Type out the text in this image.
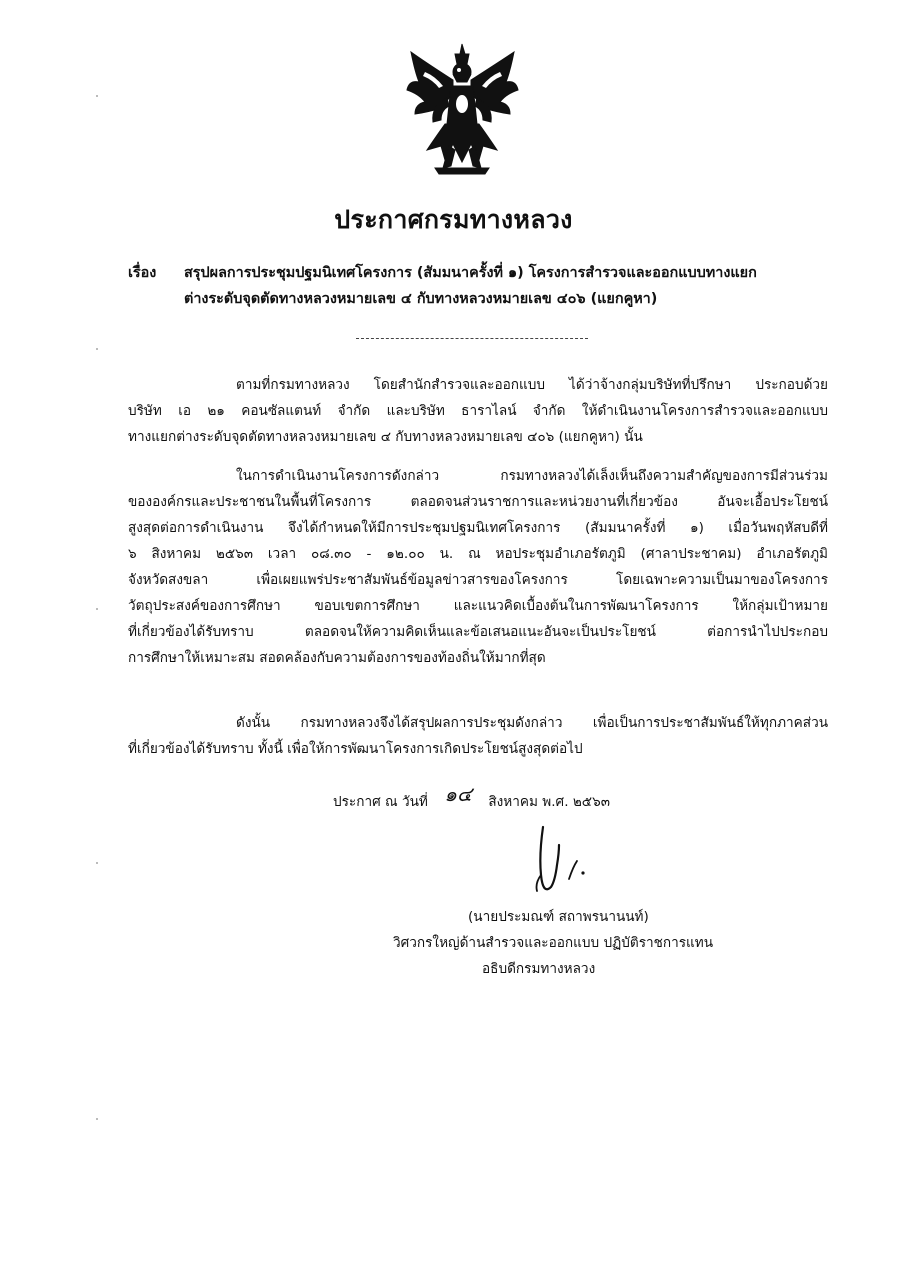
ประกาศกรมทางหลวง
เรื่อง สรุปผลการประชุมปฐมนิเทศโครงการ (สัมมนาครั้งที่ ๑) โครงการสำรวจและออกแบบทางแยก
ต่างระดับจุดตัดทางหลวงหมายเลข ๔ กับทางหลวงหมายเลข ๔๐๖ (แยกคูหา)
ตามที่กรมทางหลวง โดยสำนักสำรวจและออกแบบ ได้ว่าจ้างกลุ่มบริษัทที่ปรึกษา ประกอบด้วย
บริษัท เอ ๒๑ คอนซัลแตนท์ จำกัด และบริษัท ธาราไลน์ จำกัด ให้ดำเนินงานโครงการสำรวจและออกแบบ
ทางแยกต่างระดับจุดตัดทางหลวงหมายเลข ๔ กับทางหลวงหมายเลข ๔๐๖ (แยกคูหา) นั้น
ในการดำเนินงานโครงการดังกล่าว กรมทางหลวงได้เล็งเห็นถึงความสำคัญของการมีส่วนร่วม
ขององค์กรและประชาชนในพื้นที่โครงการ ตลอดจนส่วนราชการและหน่วยงานที่เกี่ยวข้อง อันจะเอื้อประโยชน์
สูงสุดต่อการดำเนินงาน จึงได้กำหนดให้มีการประชุมปฐมนิเทศโครงการ (สัมมนาครั้งที่ ๑) เมื่อวันพฤหัสบดีที่
๖ สิงหาคม ๒๕๖๓ เวลา ๐๘.๓๐ - ๑๒.๐๐ น. ณ หอประชุมอำเภอรัตภูมิ (ศาลาประชาคม) อำเภอรัตภูมิ
จังหวัดสงขลา เพื่อเผยแพร่ประชาสัมพันธ์ข้อมูลข่าวสารของโครงการ โดยเฉพาะความเป็นมาของโครงการ
วัตถุประสงค์ของการศึกษา ขอบเขตการศึกษา และแนวคิดเบื้องต้นในการพัฒนาโครงการ ให้กลุ่มเป้าหมาย
ที่เกี่ยวข้องได้รับทราบ ตลอดจนให้ความคิดเห็นและข้อเสนอแนะอันจะเป็นประโยชน์ ต่อการนำไปประกอบ
การศึกษาให้เหมาะสม สอดคล้องกับความต้องการของท้องถิ่นให้มากที่สุด
ดังนั้น กรมทางหลวงจึงได้สรุปผลการประชุมดังกล่าว เพื่อเป็นการประชาสัมพันธ์ให้ทุกภาคส่วน
ที่เกี่ยวข้องได้รับทราบ ทั้งนี้ เพื่อให้การพัฒนาโครงการเกิดประโยชน์สูงสุดต่อไป
ประกาศ ณ วันที่ ๑๔ สิงหาคม พ.ศ. ๒๕๖๓
(นายประมณฑ์ สถาพรนานนท์)
วิศวกรใหญ่ด้านสำรวจและออกแบบ ปฏิบัติราชการแทน
อธิบดีกรมทางหลวง
